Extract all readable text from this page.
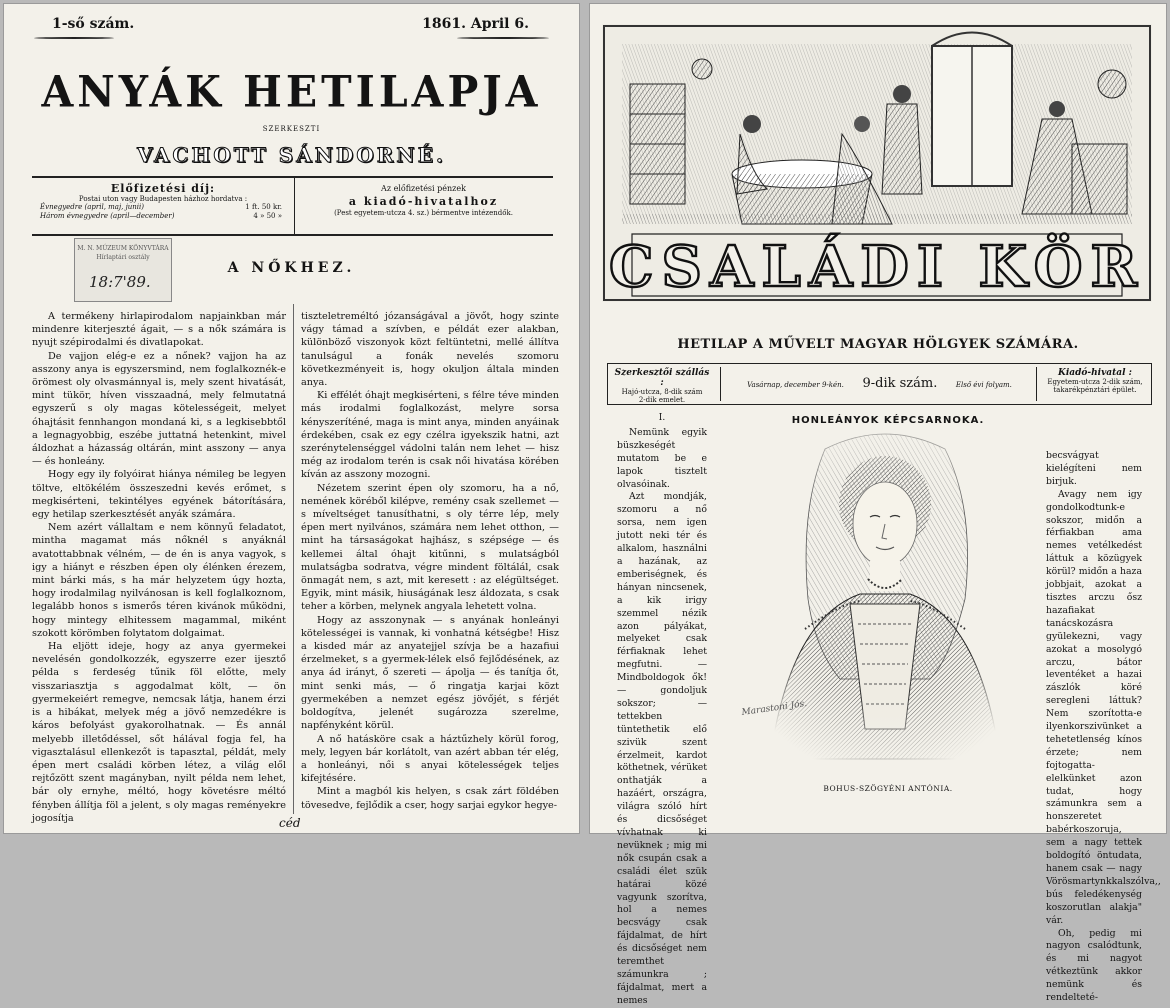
1-ső szám.	1861. April 6.
ANYÁK HETILAPJA
SZERKESZTI
VACHOTT SÁNDORNÉ.
Előfizetési díj:
Postai uton vagy Budapesten házhoz hordatva :
Évnegyedre (april, maj, junii)	1 ft. 50 kr.
Három évnegyedre (april—december)	4 » 50 »
Az előfizetési pénzek
a kiadó-hivatalhoz
(Pest egyetem-utcza 4. sz.) bérmentve intézendők.
M. N. MÚZEUM KÖNYVTÁRA
Hírlaptári osztály
18:7'89.
A NŐKHEZ.

A termékeny hirlapirodalom napjainkban már mindenre kiterjeszté ágait, — s a nők számára is nyujt szépirodalmi és divatlapokat.

De vajjon elég-e ez a nőnek? vajjon ha az asszony anya is egyszersmind, nem foglalkoznék-e örömest oly olvasmánnyal is, mely szent hivatását, mint tükör, híven visszaadná, mely felmutatná egyszerű s oly magas kötelességeit, melyet óhajtásit fennhangon mondaná ki, s a legkisebbtől a legnagyobbig, eszébe juttatná hetenkint, mivel áldozhat a házasság oltárán, mint asszony — anya — és honleány.

Hogy egy ily folyóirat hiánya némileg be legyen töltve, eltökélém összeszedni kevés erőmet, s megkisérteni, tekintélyes egyének bátorítására, egy hetilap szerkesztését anyák számára.

Nem azért vállaltam e nem könnyű feladatot, mintha magamat más nőknél s anyáknál avatottabbnak vélném, — de én is anya vagyok, s igy a hiányt e részben épen oly élénken érezem, mint bárki más, s ha már helyzetem úgy hozta, hogy irodalmilag nyilvánosan is kell foglalkoznom, legalább honos s ismerős téren kivánok működni, hogy mintegy elhitessem magammal, miként szokott körömben folytatom dolgaimat.

Ha eljött ideje, hogy az anya gyermekei nevelésén gondolkozzék, egyszerre ezer ijesztő példa s ferdeség tűnik föl előtte, mely visszariasztja s aggodalmat költ, — ön gyermekeiért remegve, nemcsak látja, hanem érzi is a hibákat, melyek még a jövő nemzedékre is káros befolyást gyakorolhatnak. — És annál melyebb illetődéssel, sőt hálával fogja fel, ha vigasztalásul ellenkezőt is tapasztal, példát, mely épen mert családi körben létez, a világ elől rejtőzött szent magányban, nyilt példa nem lehet, bár oly ernyhe, méltó, hogy követésre méltó fényben állítja föl a jelent, s oly magas reményekre jogosítja

tiszteletreméltó józanságával a jövőt, hogy szinte vágy támad a szívben, e példát ezer alakban, különböző viszonyok közt feltüntetni, mellé állítva tanulságul a fonák nevelés szomoru következményeit is, hogy okuljon általa minden anya.

Ki effélét óhajt megkisérteni, s félre téve minden más irodalmi foglalkozást, melyre sorsa kényszeríténé, maga is mint anya, minden anyáinak érdekében, csak ez egy czélra igyekszik hatni, azt szerénytelenséggel vádolni talán nem lehet — hisz még az irodalom terén is csak női hivatása körében kíván az asszony mozogni.

Nézetem szerint épen oly szomoru, ha a nő, nemének köréből kilépve, remény csak szellemet — s míveltséget tanusíthatni, s oly térre lép, mely épen mert nyilvános, számára nem lehet otthon, — mint ha társaságokat hajhász, s szépsége — és kellemei által óhajt kitűnni, s mulatságból mulatságba sodratva, végre mindent föltálál, csak önmagát nem, s azt, mit keresett : az elégültséget. Egyik, mint másik, hiuságának lesz áldozata, s csak teher a körben, melynek angyala lehetett volna.

Hogy az asszonynak — s anyának honleányi kötelességei is vannak, ki vonhatná kétségbe! Hisz a kisded már az anyatejjel szívja be a hazafiui érzelmeket, s a gyermek-lélek első fejlődésének, az anya ád irányt, ő szereti — ápolja — és tanítja őt, mint senki más, — ő ringatja karjai közt gyermekében a nemzet egész jövőjét, s férjét boldogítva, jelenét sugározza szerelme, napfényként körül.

A nő hatásköre csak a háztűzhely körül forog, mely, legyen bár korlátolt, van azért abban tér elég, a honleányi, női s anyai kötelességek teljes kifejtésére.

Mint a magból kis helyen, s csak zárt földében tövesedve, fejlődik a cser, hogy sarjai egykor hegye-

céd
CSALÁDI KÖR
HETILAP A MŰVELT MAGYAR HÖLGYEK SZÁMÁRA.
Szerkesztői szállás :
Hajó-utcza, 8-dik szám
2-dik emelet.
Vasárnap, december 9-kén. 9-dik szám.	Első évi folyam.
Kiadó-hivatal :
Egyetem-utcza 2-dik szám,
takarékpénztári épület.
I.

Nemünk egyik büszkeségét mutatom be e lapok tisztelt olvasóinak.

Azt mondják, szomoru a nő sorsa, nem igen jutott neki tér és alkalom, használni a hazának, az emberiségnek, és hányan nincsenek, a kik irigy szemmel nézik azon pályákat, melyeket csak férfiaknak lehet megfutni. — Mindboldogok ők! — gondoljuk sokszor; — tettekben tüntethetik elő szivük szent érzelmeit, kardot köthetnek, vérüket onthatják a hazáért, országra, világra szóló hírt és dicsőséget vívhatnak ki nevüknek ; mig mi nők csupán csak a családi élet szük határai közé vagyunk szorítva, hol a nemes becsvágy csak fájdalmat, de hírt és dicsőséget nem teremthet számunkra ; fájdalmat, mert a nemes

HONLEÁNYOK KÉPCSARNOKA.
Marastoni Jós.
BOHUS-SZÖGYÉNI ANTÓNIA.

becsvágyat kielégíteni nem birjuk.

Avagy nem igy gondolkodtunk-e sokszor, midőn a férfiakban ama nemes vetélkedést láttuk a közügyek körül? midőn a haza jobbjait, azokat a tisztes arczu ősz hazafiakat tanácskozásra gyülekezni, vagy azokat a mosolygó arczu, bátor leventéket a hazai zászlók köré seregleni láttuk? Nem szorította-e ilyenkorszivünket a tehetetlenség kínos érzete; nem fojtogatta-elelkünket azon tudat, hogy számunkra sem a honszeretet babérkoszoruja, sem a nagy tettek boldogító öntudata, hanem csak — nagy Vörösmartynkkalszólva,, bús feledékenység koszorutlan alakja" vár.

Oh, pedig mi nagyon csalódtunk, és mi nagyot vétkeztünk akkor nemünk és rendelteté-
